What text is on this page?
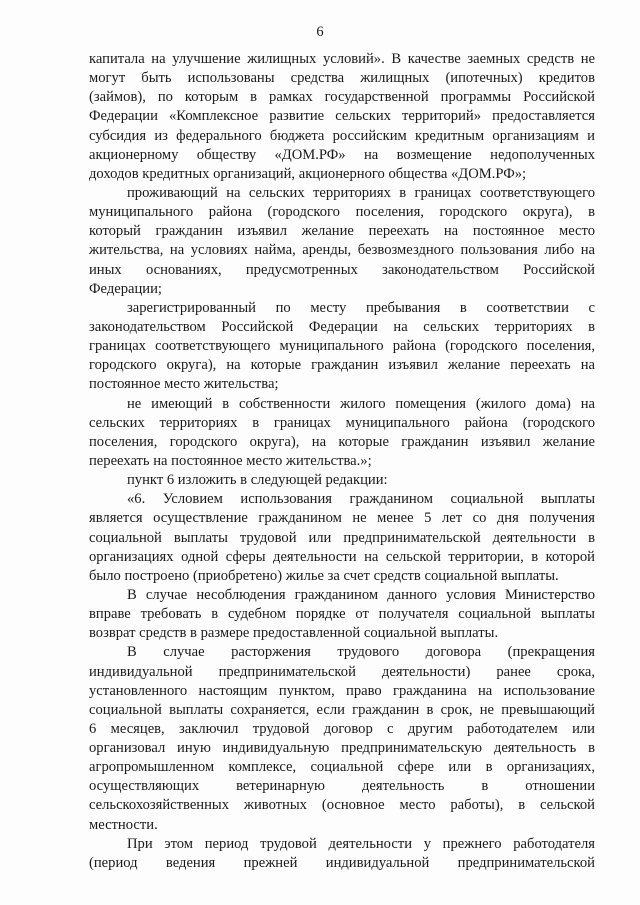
6
капитала на улучшение жилищных условий». В качестве заемных средств не
могут быть использованы средства жилищных (ипотечных) кредитов
(займов), по которым в рамках государственной программы Российской
Федерации «Комплексное развитие сельских территорий» предоставляется
субсидия из федерального бюджета российским кредитным организациям и
акционерному обществу «ДОМ.РФ» на возмещение недополученных
доходов кредитных организаций, акционерного общества «ДОМ.РФ»;
проживающий на сельских территориях в границах соответствующего
муниципального района (городского поселения, городского округа), в
который гражданин изъявил желание переехать на постоянное место
жительства, на условиях найма, аренды, безвозмездного пользования либо на
иных основаниях, предусмотренных законодательством Российской
Федерации;
зарегистрированный по месту пребывания в соответствии с
законодательством Российской Федерации на сельских территориях в
границах соответствующего муниципального района (городского поселения,
городского округа), на которые гражданин изъявил желание переехать на
постоянное место жительства;
не имеющий в собственности жилого помещения (жилого дома) на
сельских территориях в границах муниципального района (городского
поселения, городского округа), на которые гражданин изъявил желание
переехать на постоянное место жительства.»;
пункт 6 изложить в следующей редакции:
«6. Условием использования гражданином социальной выплаты
является осуществление гражданином не менее 5 лет со дня получения
социальной выплаты трудовой или предпринимательской деятельности в
организациях одной сферы деятельности на сельской территории, в которой
было построено (приобретено) жилье за счет средств социальной выплаты.
В случае несоблюдения гражданином данного условия Министерство
вправе требовать в судебном порядке от получателя социальной выплаты
возврат средств в размере предоставленной социальной выплаты.
В случае расторжения трудового договора (прекращения
индивидуальной предпринимательской деятельности) ранее срока,
установленного настоящим пунктом, право гражданина на использование
социальной выплаты сохраняется, если гражданин в срок, не превышающий
6 месяцев, заключил трудовой договор с другим работодателем или
организовал иную индивидуальную предпринимательскую деятельность в
агропромышленном комплексе, социальной сфере или в организациях,
осуществляющих ветеринарную деятельность в отношении
сельскохозяйственных животных (основное место работы), в сельской
местности.
При этом период трудовой деятельности у прежнего работодателя
(период ведения прежней индивидуальной предпринимательской
